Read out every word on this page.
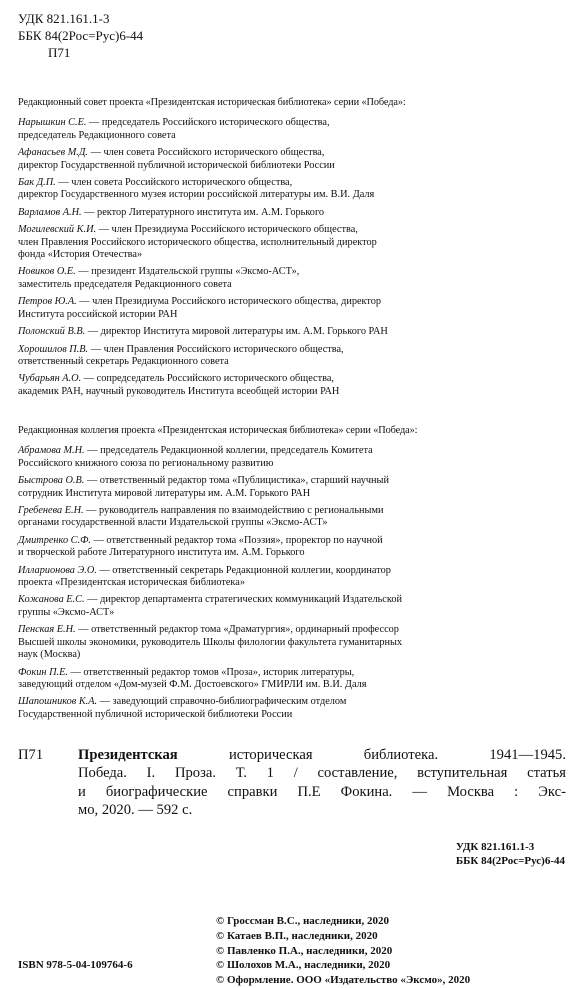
УДК 821.161.1-3
ББК 84(2Рос=Рус)6-44
П71
Редакционный совет проекта «Президентская историческая библиотека» серии «Победа»:
Нарышкин С.Е. — председатель Российского исторического общества,
председатель Редакционного совета
Афанасьев М.Д. — член совета Российского исторического общества,
директор Государственной публичной исторической библиотеки России
Бак Д.П. — член совета Российского исторического общества,
директор Государственного музея истории российской литературы им. В.И. Даля
Варламов А.Н. — ректор Литературного института им. А.М. Горького
Могилевский К.И. — член Президиума Российского исторического общества,
член Правления Российского исторического общества, исполнительный директор
фонда «История Отечества»
Новиков О.Е. — президент Издательской группы «Эксмо-АСТ»,
заместитель председателя Редакционного совета
Петров Ю.А. — член Президиума Российского исторического общества, директор
Института российской истории РАН
Полонский В.В. — директор Института мировой литературы им. А.М. Горького РАН
Хорошилов П.В. — член Правления Российского исторического общества,
ответственный секретарь Редакционного совета
Чубарьян А.О. — сопредседатель Российского исторического общества,
академик РАН, научный руководитель Института всеобщей истории РАН
Редакционная коллегия проекта «Президентская историческая библиотека» серии «Победа»:
Абрамова М.Н. — председатель Редакционной коллегии, председатель Комитета
Российского книжного союза по региональному развитию
Быстрова О.В. — ответственный редактор тома «Публицистика», старший научный
сотрудник Института мировой литературы им. А.М. Горького РАН
Гребенева Е.Н. — руководитель направления по взаимодействию с региональными
органами государственной власти Издательской группы «Эксмо-АСТ»
Дмитренко С.Ф. — ответственный редактор тома «Поэзия», проректор по научной
и творческой работе Литературного института им. А.М. Горького
Илларионова Э.О. — ответственный секретарь Редакционной коллегии, координатор
проекта «Президентская историческая библиотека»
Кожанова Е.С. — директор департамента стратегических коммуникаций Издательской
группы «Эксмо-АСТ»
Пенская Е.Н. — ответственный редактор тома «Драматургия», ординарный профессор
Высшей школы экономики, руководитель Школы филологии факультета гуманитарных
наук (Москва)
Фокин П.Е. — ответственный редактор томов «Проза», историк литературы,
заведующий отделом «Дом-музей Ф.М. Достоевского» ГМИРЛИ им. В.И. Даля
Шапошников К.А. — заведующий справочно-библиографическим отделом
Государственной публичной исторической библиотеки России
П71 Президентская историческая библиотека. 1941—1945.
Победа. I. Проза. Т. 1 / составление, вступительная статья
и биографические справки П.Е Фокина. — Москва : Экс-
мо, 2020. — 592 с.
УДК 821.161.1-3
ББК 84(2Рос=Рус)6-44
© Гроссман В.С., наследники, 2020
© Катаев В.П., наследники, 2020
© Павленко П.А., наследники, 2020
© Шолохов М.А., наследники, 2020
© Оформление. ООО «Издательство «Эксмо», 2020
ISBN 978-5-04-109764-6
